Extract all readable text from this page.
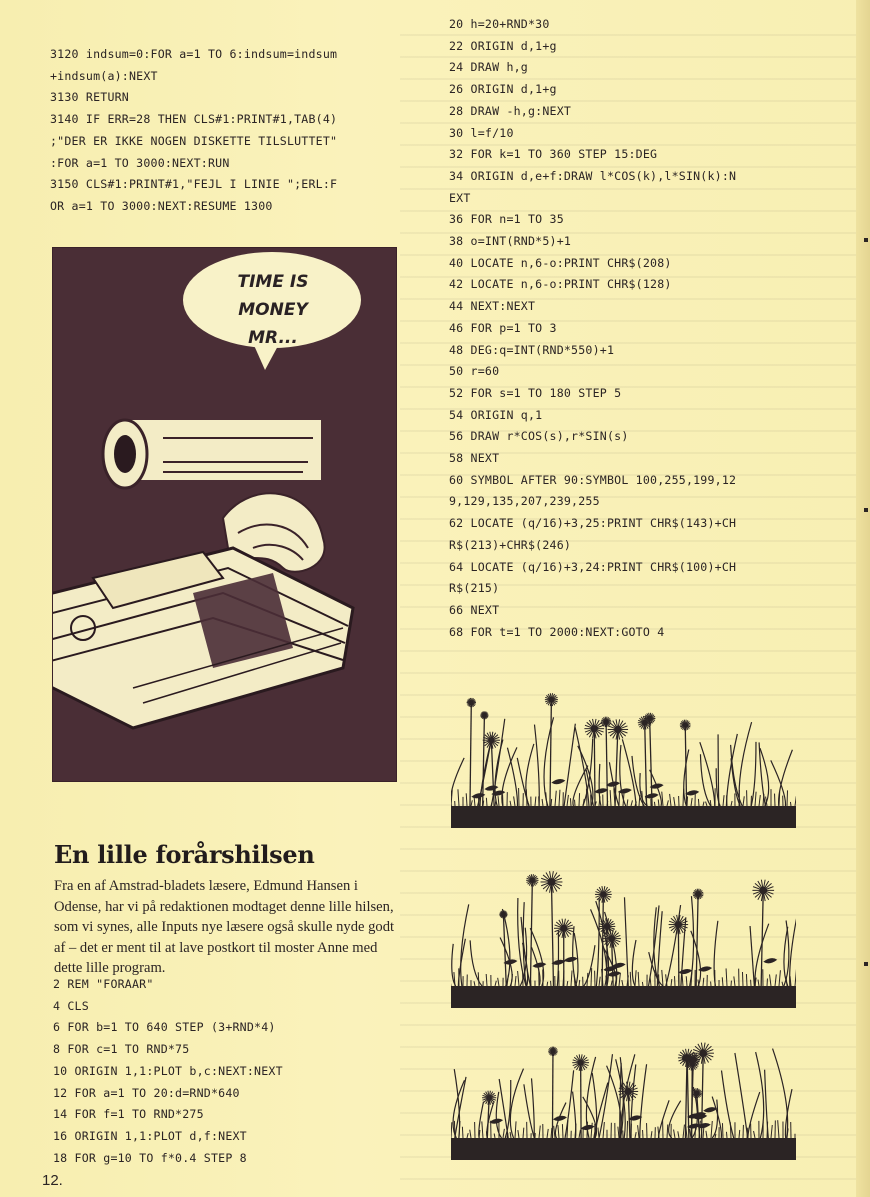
3120 indsum=0:FOR a=1 TO 6:indsum=indsum
+indsum(a):NEXT
3130 RETURN
3140 IF ERR=28 THEN CLS#1:PRINT#1,TAB(4)
;"DER ER IKKE NOGEN DISKETTE TILSLUTTET"
:FOR a=1 TO 3000:NEXT:RUN
3150 CLS#1:PRINT#1,"FEJL I LINIE ";ERL:F
OR a=1 TO 3000:NEXT:RESUME 1300
TIME IS MONEY
MR...
En lille forårshilsen
Fra en af Amstrad-bladets læsere, Edmund Hansen i Odense, har vi på redaktionen modtaget denne lille hilsen, som vi synes, alle Inputs nye læsere også skulle nyde godt af – det er ment til at lave postkort til moster Anne med dette lille program.
2 REM "FORAAR"
4 CLS
6 FOR b=1 TO 640 STEP (3+RND*4)
8 FOR c=1 TO RND*75
10 ORIGIN 1,1:PLOT b,c:NEXT:NEXT
12 FOR a=1 TO 20:d=RND*640
14 FOR f=1 TO RND*275
16 ORIGIN 1,1:PLOT d,f:NEXT
18 FOR g=10 TO f*0.4 STEP 8
20 h=20+RND*30
22 ORIGIN d,1+g
24 DRAW h,g
26 ORIGIN d,1+g
28 DRAW -h,g:NEXT
30 l=f/10
32 FOR k=1 TO 360 STEP 15:DEG
34 ORIGIN d,e+f:DRAW l*COS(k),l*SIN(k):N
EXT
36 FOR n=1 TO 35
38 o=INT(RND*5)+1
40 LOCATE n,6-o:PRINT CHR$(208)
42 LOCATE n,6-o:PRINT CHR$(128)
44 NEXT:NEXT
46 FOR p=1 TO 3
48 DEG:q=INT(RND*550)+1
50 r=60
52 FOR s=1 TO 180 STEP 5
54 ORIGIN q,1
56 DRAW r*COS(s),r*SIN(s)
58 NEXT
60 SYMBOL AFTER 90:SYMBOL 100,255,199,12
9,129,135,207,239,255
62 LOCATE (q/16)+3,25:PRINT CHR$(143)+CH
R$(213)+CHR$(246)
64 LOCATE (q/16)+3,24:PRINT CHR$(100)+CH
R$(215)
66 NEXT
68 FOR t=1 TO 2000:NEXT:GOTO 4
12.
